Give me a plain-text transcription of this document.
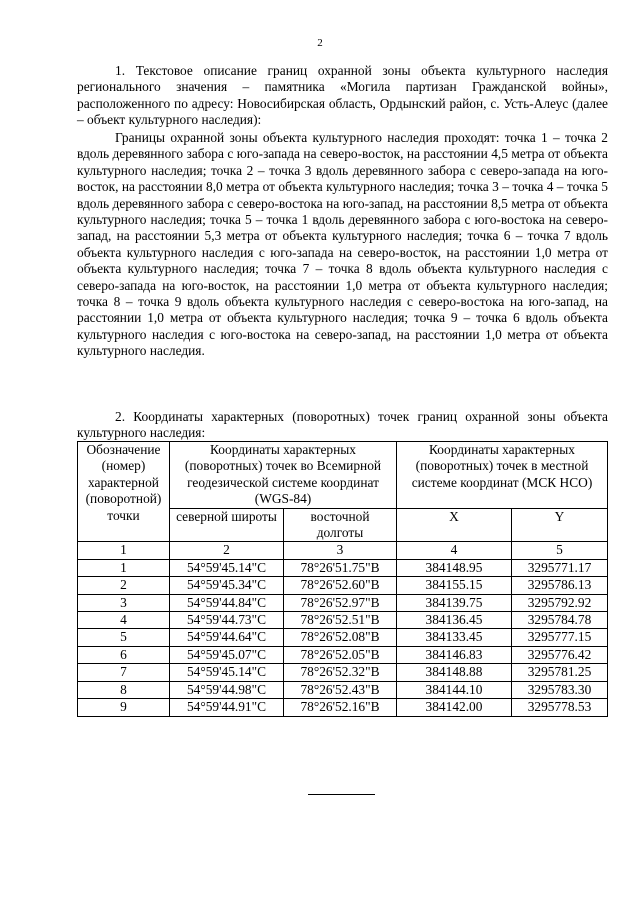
2

1. Текстовое описание границ охранной зоны объекта культурного наследия регионального значения – памятника «Могила партизан Гражданской войны», расположенного по адресу: Новосибирская область, Ордынский район, с. Усть-Алеус (далее – объект культурного наследия):

Границы охранной зоны объекта культурного наследия проходят: точка 1 – точка 2 вдоль деревянного забора с юго-запада на северо-восток, на расстоянии 4,5 метра от объекта культурного наследия; точка 2 – точка 3 вдоль деревянного забора с северо-запада на юго-восток, на расстоянии 8,0 метра от объекта культурного наследия; точка 3 – точка 4 – точка 5 вдоль деревянного забора с северо-востока на юго-запад, на расстоянии 8,5 метра от объекта культурного наследия; точка 5 – точка 1 вдоль деревянного забора с юго-востока на северо-запад, на расстоянии 5,3 метра от объекта культурного наследия; точка 6 – точка 7 вдоль объекта культурного наследия с юго-запада на северо-восток, на расстоянии 1,0 метра от объекта культурного наследия; точка 7 – точка 8 вдоль объекта культурного наследия с северо-запада на юго-восток, на расстоянии 1,0 метра от объекта культурного наследия; точка 8 – точка 9 вдоль объекта культурного наследия с северо-востока на юго-запад, на расстоянии 1,0 метра от объекта культурного наследия; точка 9 – точка 6 вдоль объекта культурного наследия с юго-востока на северо-запад, на расстоянии 1,0 метра от объекта культурного наследия.

2. Координаты характерных (поворотных) точек границ охранной зоны объекта культурного наследия:

Обозначение (номер) характерной (поворотной) точки	Координаты характерных (поворотных) точек во Всемирной геодезической системе координат (WGS-84)		Координаты характерных (поворотных) точек в местной системе координат (МСК НСО)	
	северной широты	восточной долготы	X	Y
1	2	3	4	5
1	54°59'45.14"С	78°26'51.75"В	384148.95	3295771.17
2	54°59'45.34"С	78°26'52.60"В	384155.15	3295786.13
3	54°59'44.84"С	78°26'52.97"В	384139.75	3295792.92
4	54°59'44.73"С	78°26'52.51"В	384136.45	3295784.78
5	54°59'44.64"С	78°26'52.08"В	384133.45	3295777.15
6	54°59'45.07"С	78°26'52.05"В	384146.83	3295776.42
7	54°59'45.14"С	78°26'52.32"В	384148.88	3295781.25
8	54°59'44.98"С	78°26'52.43"В	384144.10	3295783.30
9	54°59'44.91"С	78°26'52.16"В	384142.00	3295778.53
